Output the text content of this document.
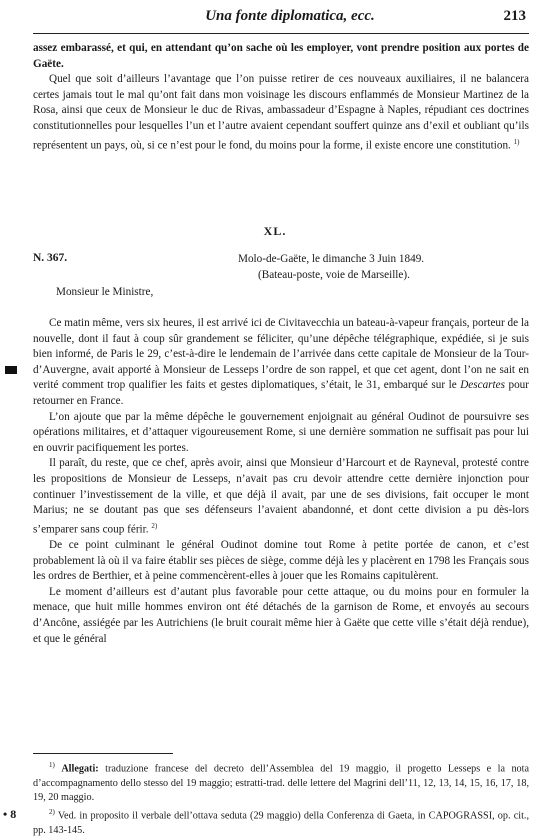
Una fonte diplomatica, ecc.	213

assez embarassé, et qui, en attendant qu’on sache où les employer, vont prendre position aux portes de Gaëte.

Quel que soit d’ailleurs l’avantage que l’on puisse retirer de ces nouveaux auxiliaires, il ne balancera certes jamais tout le mal qu’ont fait dans mon voisinage les discours enflammés de Monsieur Martinez de la Rosa, ainsi que ceux de Monsieur le duc de Rivas, ambassadeur d’Espagne à Naples, répudiant ces doctrines constitutionnelles pour lesquelles l’un et l’autre avaient cependant souffert quinze ans d’exil et oubliant qu’ils représentent un pays, où, si ce n’est pour le fond, du moins pour la forme, il existe encore une constitution. $^{1)}$

XL.
N. 367.	Molo-de-Gaëte, le dimanche 3 Juin 1849.
(Bateau-poste, voie de Marseille).
Monsieur le Ministre,

Ce matin même, vers six heures, il est arrivé ici de Civitavecchia un bateau-à-vapeur français, porteur de la nouvelle, dont il faut à coup sûr grandement se féliciter, qu’une dépêche télégraphique, expédiée, si je suis bien informé, de Paris le 29, c’est-à-dire le lendemain de l’arrivée dans cette capitale de Monsieur de la Tour-d’Auvergne, avait apporté à Monsieur de Lesseps l’ordre de son rappel, et que cet agent, dont l’on ne sait en verité comment trop qualifier les faits et gestes diplomatiques, s’était, le 31, embarqué sur le Descartes pour retourner en France.

L’on ajoute que par la même dépêche le gouvernement enjoignait au général Oudinot de poursuivre ses opérations militaires, et d’attaquer vigoureusement Rome, si une dernière sommation ne suffisait pas pour lui en ouvrir pacifiquement les portes.

Il paraît, du reste, que ce chef, après avoir, ainsi que Monsieur d’Harcourt et de Rayneval, protesté contre les propositions de Monsieur de Lesseps, n’avait pas cru devoir attendre cette dernière injonction pour continuer l’investissement de la ville, et que déjà il avait, par une de ses divisions, fait occuper le mont Marius; ne se doutant pas que ses défenseurs l’avaient abandonné, et dont cette division a pu dès-lors s’emparer sans coup férir. $^{2)}$

De ce point culminant le général Oudinot domine tout Rome à petite portée de canon, et c’est probablement là où il va faire établir ses pièces de siège, comme déjà les y placèrent en 1798 les Français sous les ordres de Berthier, et à peine commencèrent-elles à jouer que les Romains capitulèrent.

Le moment d’ailleurs est d’autant plus favorable pour cette attaque, ou du moins pour en formuler la menace, que huit mille hommes environ ont été détachés de la garnison de Rome, et envoyés au secours d’Ancône, assiégée par les Autrichiens (le bruit courait même hier à Gaëte que cette ville s’était déjà rendue), et que le général

$^{1)}$ Allegati: traduzione francese del decreto dell’Assemblea del 19 maggio, il progetto Lesseps e la nota d’accompagnamento dello stesso del 19 maggio; estratti-trad. delle lettere del Magrini dell’11, 12, 13, 14, 15, 16, 17, 18, 19, 20 maggio.

$^{2)}$ Ved. in proposito il verbale dell’ottava seduta (29 maggio) della Conferenza di Gaeta, in CAPOGRASSI, op. cit., pp. 143-145.

• 8
